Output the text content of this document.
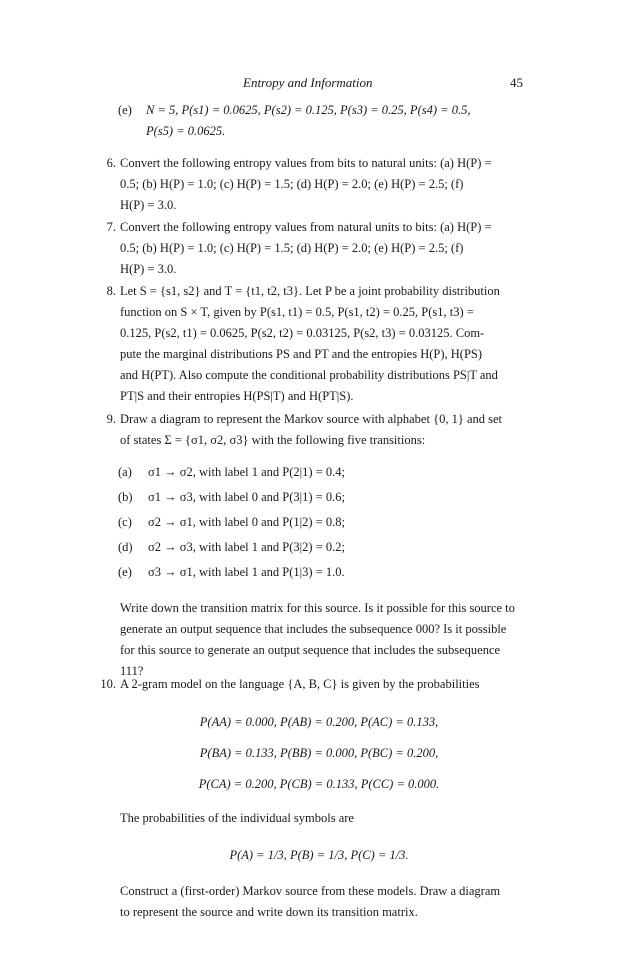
Entropy and Information	45
(e) N = 5, P(s1) = 0.0625, P(s2) = 0.125, P(s3) = 0.25, P(s4) = 0.5,
P(s5) = 0.0625.
6. Convert the following entropy values from bits to natural units: (a) H(P) =
0.5; (b) H(P) = 1.0; (c) H(P) = 1.5; (d) H(P) = 2.0; (e) H(P) = 2.5; (f)
H(P) = 3.0.
7. Convert the following entropy values from natural units to bits: (a) H(P) =
0.5; (b) H(P) = 1.0; (c) H(P) = 1.5; (d) H(P) = 2.0; (e) H(P) = 2.5; (f)
H(P) = 3.0.
8. Let S = {s1, s2} and T = {t1, t2, t3}. Let P be a joint probability distribution
function on S × T, given by P(s1, t1) = 0.5, P(s1, t2) = 0.25, P(s1, t3) =
0.125, P(s2, t1) = 0.0625, P(s2, t2) = 0.03125, P(s2, t3) = 0.03125. Com-
pute the marginal distributions PS and PT and the entropies H(P), H(PS)
and H(PT). Also compute the conditional probability distributions PS|T and
PT|S and their entropies H(PS|T) and H(PT|S).
9. Draw a diagram to represent the Markov source with alphabet {0, 1} and set
of states Σ = {σ1, σ2, σ3} with the following five transitions:
(a) σ1 → σ2, with label 1 and P(2|1) = 0.4;
(b) σ1 → σ3, with label 0 and P(3|1) = 0.6;
(c) σ2 → σ1, with label 0 and P(1|2) = 0.8;
(d) σ2 → σ3, with label 1 and P(3|2) = 0.2;
(e) σ3 → σ1, with label 1 and P(1|3) = 1.0.
Write down the transition matrix for this source. Is it possible for this source to
generate an output sequence that includes the subsequence 000? Is it possible
for this source to generate an output sequence that includes the subsequence
111?
10. A 2-gram model on the language {A, B, C} is given by the probabilities
P(AA) = 0.000, P(AB) = 0.200, P(AC) = 0.133,
P(BA) = 0.133, P(BB) = 0.000, P(BC) = 0.200,
P(CA) = 0.200, P(CB) = 0.133, P(CC) = 0.000.
The probabilities of the individual symbols are
P(A) = 1/3, P(B) = 1/3, P(C) = 1/3.
Construct a (first-order) Markov source from these models. Draw a diagram
to represent the source and write down its transition matrix.
